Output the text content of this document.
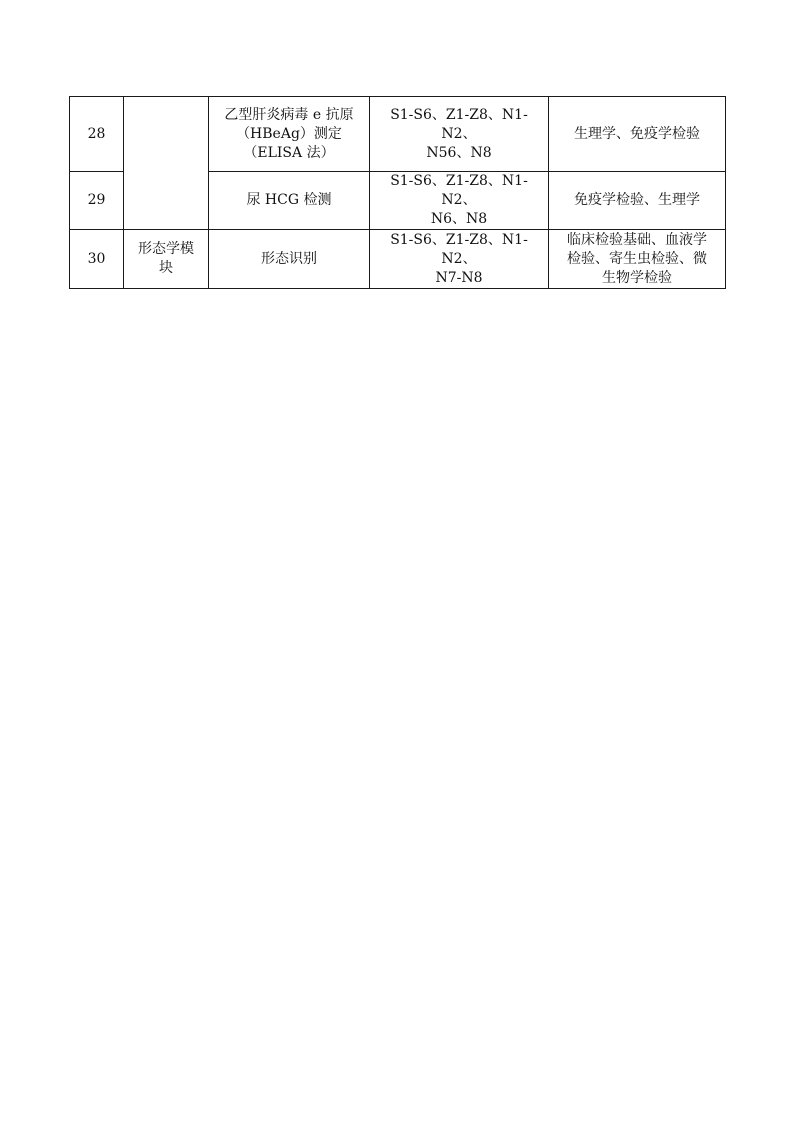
28		乙型肝炎病毒 e 抗原
（HBeAg）测定
（ELISA 法）	S1-S6、Z1-Z8、N1-N2、
N56、N8	生理学、免疫学检验

29		尿 HCG 检测	S1-S6、Z1-Z8、N1-N2、
N6、N8	免疫学检验、生理学

30	形态学模
块	形态识别	S1-S6、Z1-Z8、N1-N2、
N7-N8	临床检验基础、血液学
检验、寄生虫检验、微
生物学检验
